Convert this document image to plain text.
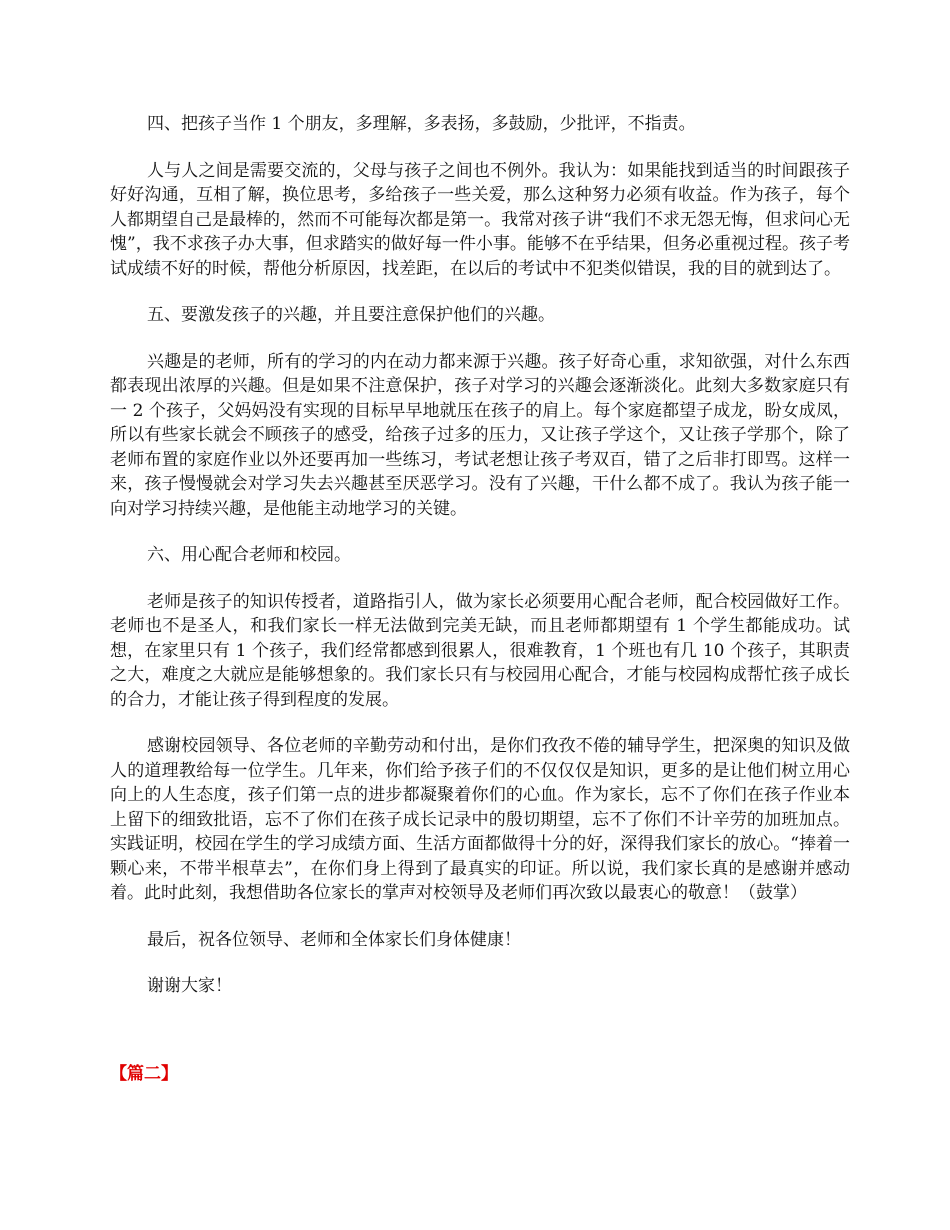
四、把孩子当作 1 个朋友，多理解，多表扬，多鼓励，少批评，不指责。

人与人之间是需要交流的，父母与孩子之间也不例外。我认为：如果能找到适当的时间跟孩子好好沟通，互相了解，换位思考，多给孩子一些关爱，那么这种努力必须有收益。作为孩子，每个人都期望自己是最棒的，然而不可能每次都是第一。我常对孩子讲“我们不求无怨无悔，但求问心无愧”，我不求孩子办大事，但求踏实的做好每一件小事。能够不在乎结果，但务必重视过程。孩子考试成绩不好的时候，帮他分析原因，找差距，在以后的考试中不犯类似错误，我的目的就到达了。

五、要激发孩子的兴趣，并且要注意保护他们的兴趣。

兴趣是的老师，所有的学习的内在动力都来源于兴趣。孩子好奇心重，求知欲强，对什么东西都表现出浓厚的兴趣。但是如果不注意保护，孩子对学习的兴趣会逐渐淡化。此刻大多数家庭只有一 2 个孩子，父妈妈没有实现的目标早早地就压在孩子的肩上。每个家庭都望子成龙，盼女成凤，所以有些家长就会不顾孩子的感受，给孩子过多的压力，又让孩子学这个，又让孩子学那个，除了老师布置的家庭作业以外还要再加一些练习，考试老想让孩子考双百，错了之后非打即骂。这样一来，孩子慢慢就会对学习失去兴趣甚至厌恶学习。没有了兴趣，干什么都不成了。我认为孩子能一向对学习持续兴趣，是他能主动地学习的关键。

六、用心配合老师和校园。

老师是孩子的知识传授者，道路指引人，做为家长必须要用心配合老师，配合校园做好工作。老师也不是圣人，和我们家长一样无法做到完美无缺，而且老师都期望有 1 个学生都能成功。试想，在家里只有 1 个孩子，我们经常都感到很累人，很难教育，1 个班也有几 10 个孩子，其职责之大，难度之大就应是能够想象的。我们家长只有与校园用心配合，才能与校园构成帮忙孩子成长的合力，才能让孩子得到程度的发展。

感谢校园领导、各位老师的辛勤劳动和付出，是你们孜孜不倦的辅导学生，把深奥的知识及做人的道理教给每一位学生。几年来，你们给予孩子们的不仅仅仅是知识，更多的是让他们树立用心向上的人生态度，孩子们第一点的进步都凝聚着你们的心血。作为家长，忘不了你们在孩子作业本上留下的细致批语，忘不了你们在孩子成长记录中的殷切期望，忘不了你们不计辛劳的加班加点。实践证明，校园在学生的学习成绩方面、生活方面都做得十分的好，深得我们家长的放心。“捧着一颗心来，不带半根草去”，在你们身上得到了最真实的印证。所以说，我们家长真的是感谢并感动着。此时此刻，我想借助各位家长的掌声对校领导及老师们再次致以最衷心的敬意！（鼓掌）

最后，祝各位领导、老师和全体家长们身体健康！

谢谢大家！

【篇二】
